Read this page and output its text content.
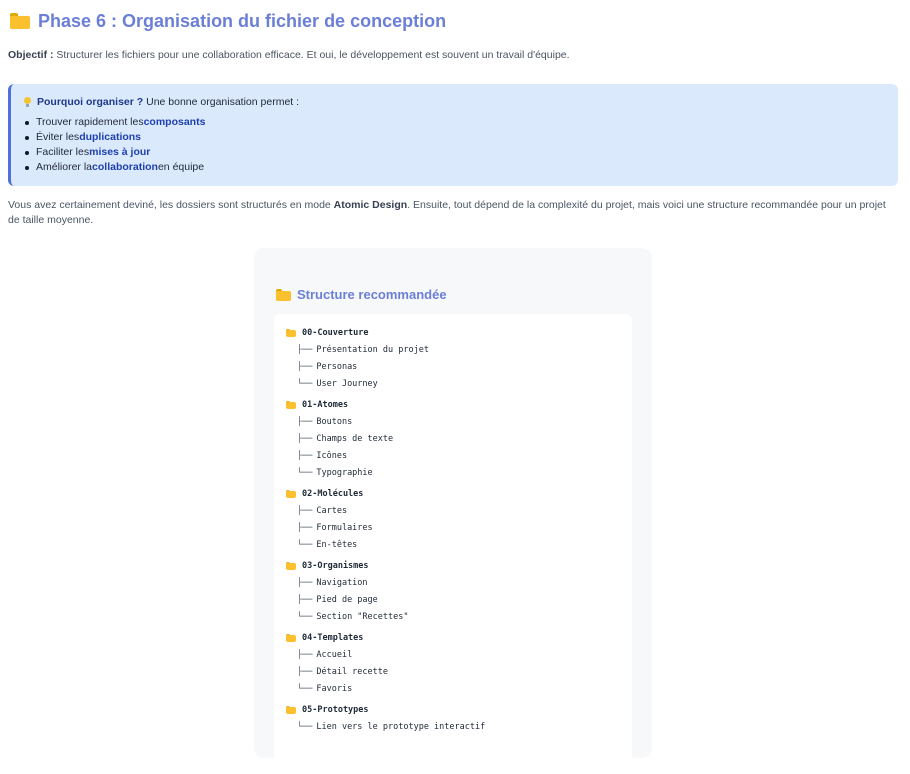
Phase 6 : Organisation du fichier de conception
Objectif : Structurer les fichiers pour une collaboration efficace. Et oui, le développement est souvent un travail d'équipe.
Pourquoi organiser ? Une bonne organisation permet :
Trouver rapidement les composants
Éviter les duplications
Faciliter les mises à jour
Améliorer la collaboration en équipe
Vous avez certainement deviné, les dossiers sont structurés en mode Atomic Design. Ensuite, tout dépend de la complexité du projet, mais voici une structure recommandée pour un projet de taille moyenne.
Structure recommandée
00-Couverture
├── Présentation du projet
├── Personas
└── User Journey
01-Atomes
├── Boutons
├── Champs de texte
├── Icônes
└── Typographie
02-Molécules
├── Cartes
├── Formulaires
└── En-têtes
03-Organismes
├── Navigation
├── Pied de page
└── Section "Recettes"
04-Templates
├── Accueil
├── Détail recette
└── Favoris
05-Prototypes
└── Lien vers le prototype interactif
